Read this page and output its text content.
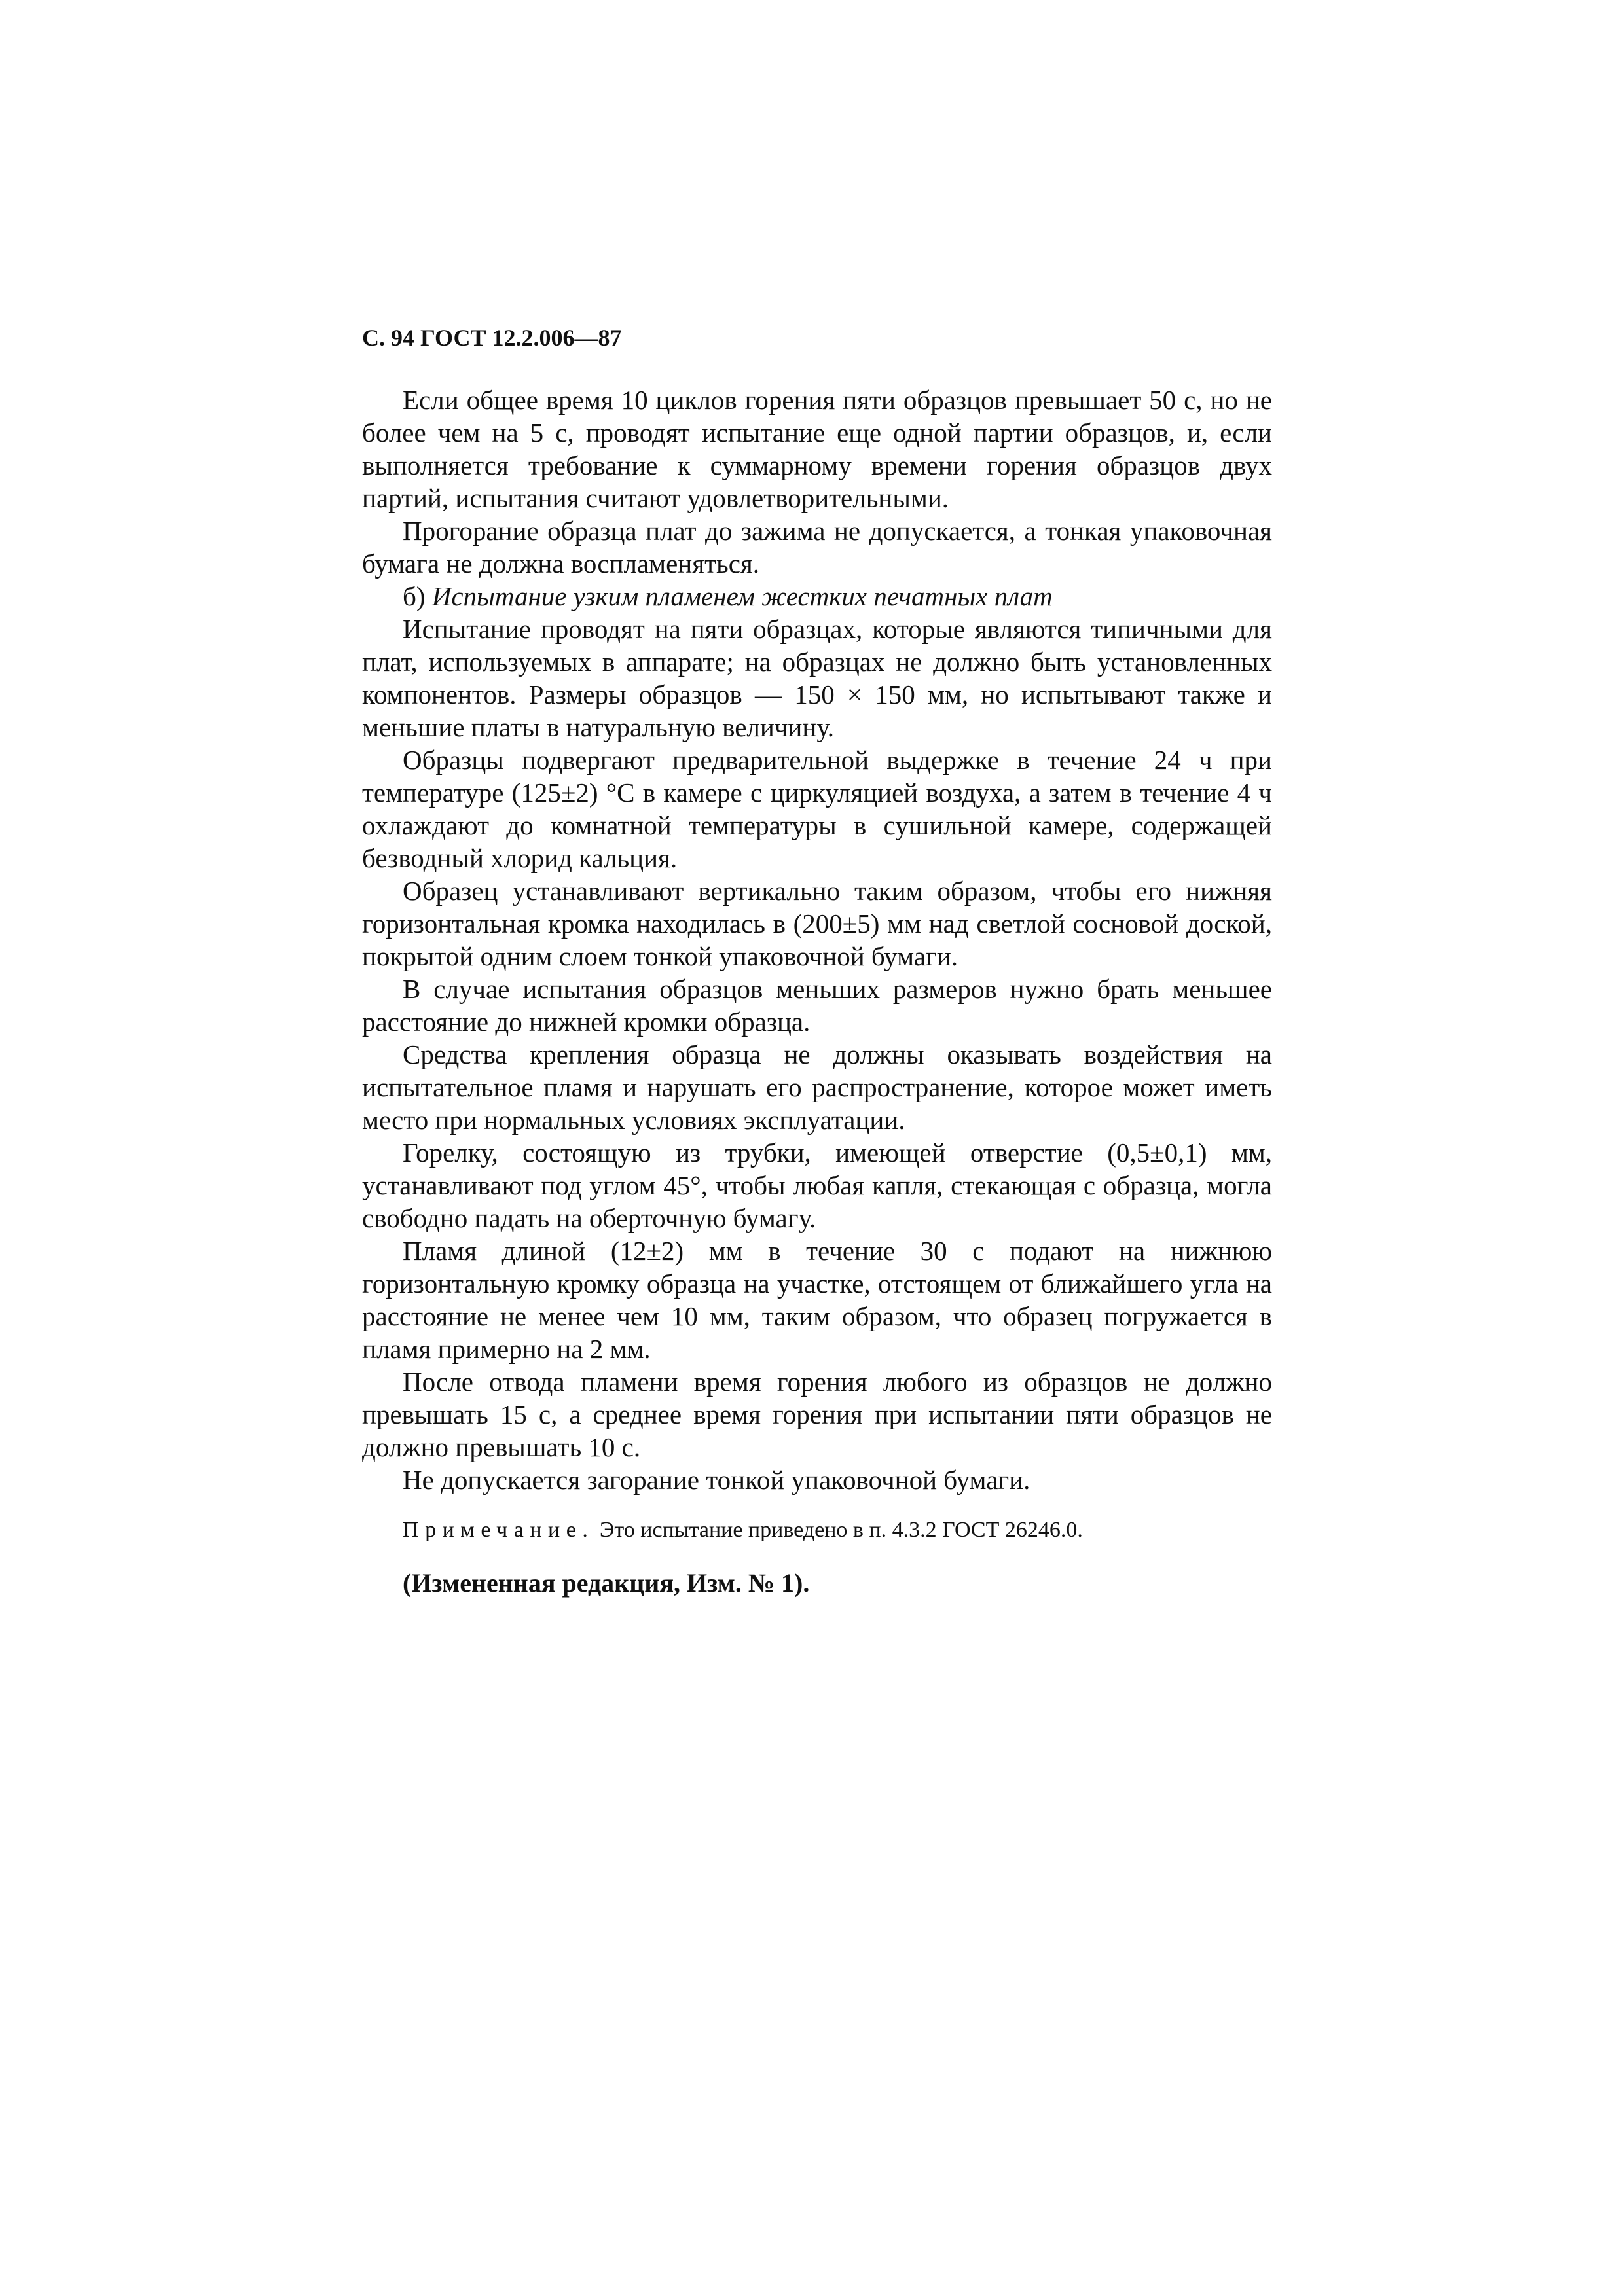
С. 94 ГОСТ 12.2.006—87

Если общее время 10 циклов горения пяти образцов превышает 50 с, но не более чем на 5 с, проводят испытание еще одной партии образцов, и, если выполняется требование к суммарному времени горения образцов двух партий, испытания считают удовлетворительными.

Прогорание образца плат до зажима не допускается, а тонкая упаковочная бумага не должна воспламеняться.

б) Испытание узким пламенем жестких печатных плат

Испытание проводят на пяти образцах, которые являются типичными для плат, используемых в аппарате; на образцах не должно быть установленных компонентов. Размеры образцов — 150 × 150 мм, но испытывают также и меньшие платы в натуральную величину.

Образцы подвергают предварительной выдержке в течение 24 ч при температуре (125±2) °С в камере с циркуляцией воздуха, а затем в течение 4 ч охлаждают до комнатной температуры в сушильной камере, содержащей безводный хлорид кальция.

Образец устанавливают вертикально таким образом, чтобы его нижняя горизонтальная кромка находилась в (200±5) мм над светлой сосновой доской, покрытой одним слоем тонкой упаковочной бумаги.

В случае испытания образцов меньших размеров нужно брать меньшее расстояние до нижней кромки образца.

Средства крепления образца не должны оказывать воздействия на испытательное пламя и нарушать его распространение, которое может иметь место при нормальных условиях эксплуатации.

Горелку, состоящую из трубки, имеющей отверстие (0,5±0,1) мм, устанавливают под углом 45°, чтобы любая капля, стекающая с образца, могла свободно падать на оберточную бумагу.

Пламя длиной (12±2) мм в течение 30 с подают на нижнюю горизонтальную кромку образца на участке, отстоящем от ближайшего угла на расстояние не менее чем 10 мм, таким образом, что образец погружается в пламя примерно на 2 мм.

После отвода пламени время горения любого из образцов не должно превышать 15 с, а среднее время горения при испытании пяти образцов не должно превышать 10 с.

Не допускается загорание тонкой упаковочной бумаги.

Примечание. Это испытание приведено в п. 4.3.2 ГОСТ 26246.0.

(Измененная редакция, Изм. № 1).
